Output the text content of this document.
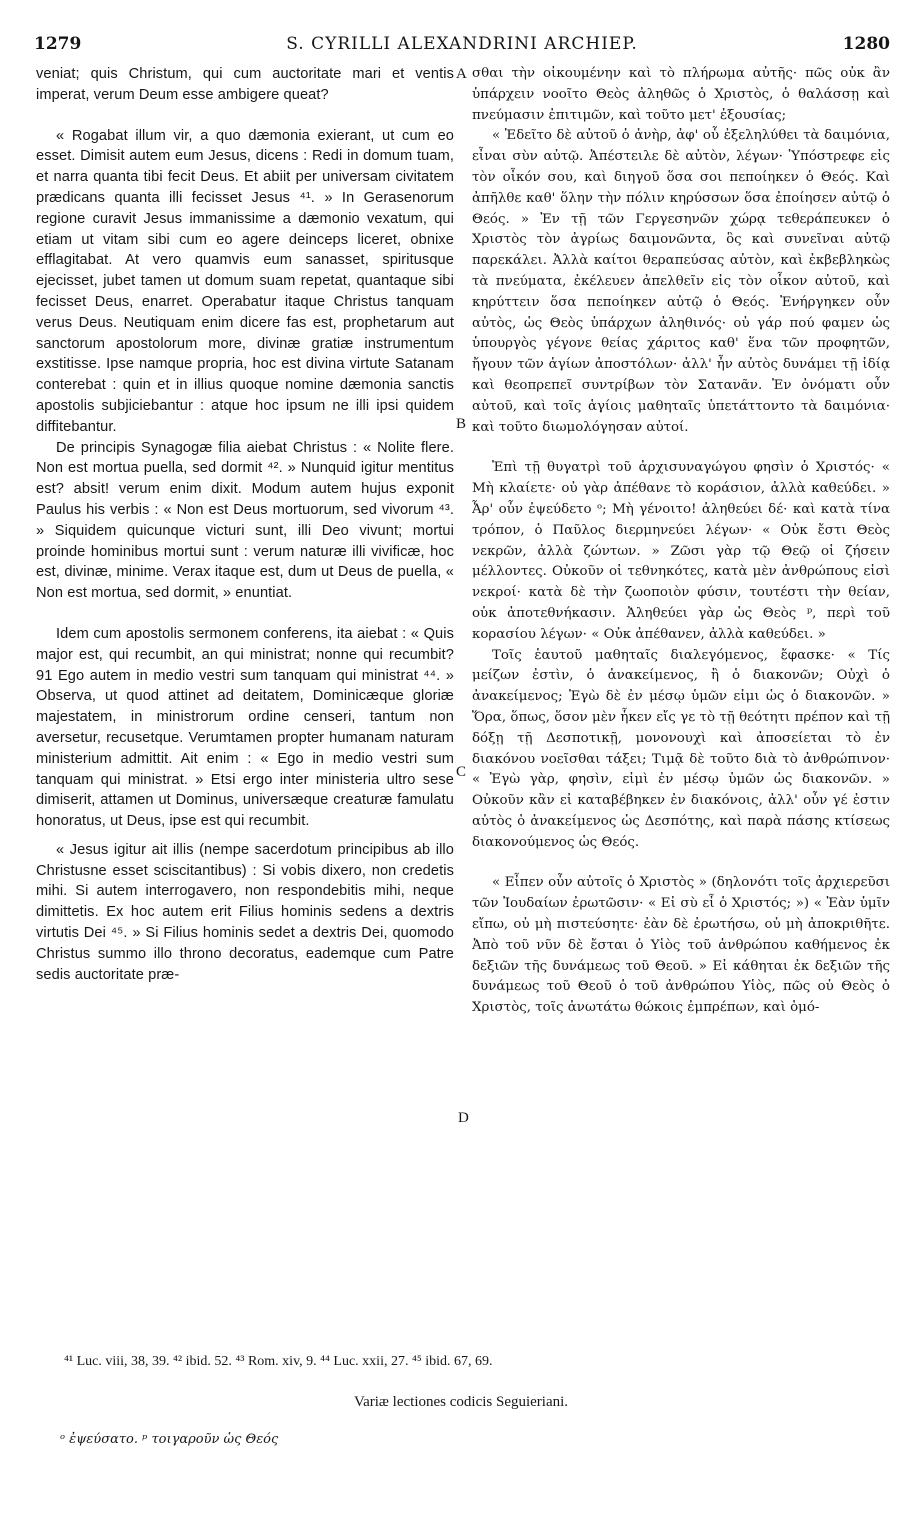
1279	S. CYRILLI ALEXANDRINI ARCHIEP.	1280

veniat; quis Christum, qui cum auctoritate mari et ventis imperat, verum Deum esse ambigere queat?

« Rogabat illum vir, a quo dæmonia exierant, ut cum eo esset. Dimisit autem eum Jesus, dicens : Redi in domum tuam, et narra quanta tibi fecit Deus. Et abiit per universam civitatem prædicans quanta illi fecisset Jesus ⁴¹. » In Gerasenorum regione curavit Jesus immanissime a dæmonio vexatum, qui etiam ut vitam sibi cum eo agere deinceps liceret, obnixe efflagitabat. At vero quamvis eum sanasset, spiritusque ejecisset, jubet tamen ut domum suam repetat, quantaque sibi fecisset Deus, enarret. Operabatur itaque Christus tanquam verus Deus. Neutiquam enim dicere fas est, prophetarum aut sanctorum apostolorum more, divinæ gratiæ instrumentum exstitisse. Ipse namque propria, hoc est divina virtute Satanam conterebat : quin et in illius quoque nomine dæmonia sanctis apostolis subjiciebantur : atque hoc ipsum ne illi ipsi quidem diffitebantur.

De principis Synagogæ filia aiebat Christus : « Nolite flere. Non est mortua puella, sed dormit ⁴². » Nunquid igitur mentitus est? absit! verum enim dixit. Modum autem hujus exponit Paulus his verbis : « Non est Deus mortuorum, sed vivorum ⁴³. » Siquidem quicunque victuri sunt, illi Deo vivunt; mortui proinde hominibus mortui sunt : verum naturæ illi vivificæ, hoc est, divinæ, minime. Verax itaque est, dum ut Deus de puella, « Non est mortua, sed dormit, » enuntiat.

Idem cum apostolis sermonem conferens, ita aiebat : « Quis major est, qui recumbit, an qui ministrat; nonne qui recumbit? 91 Ego autem in medio vestri sum tanquam qui ministrat ⁴⁴. » Observa, ut quod attinet ad deitatem, Dominicæque gloriæ majestatem, in ministrorum ordine censeri, tantum non aversetur, recusetque. Verumtamen propter humanam naturam ministerium admittit. Ait enim : « Ego in medio vestri sum tanquam qui ministrat. » Etsi ergo inter ministeria ultro sese dimiserit, attamen ut Dominus, universæque creaturæ famulatu honoratus, ut Deus, ipse est qui recumbit.

« Jesus igitur ait illis (nempe sacerdotum principibus ab illo Christusne esset sciscitantibus) : Si vobis dixero, non credetis mihi. Si autem interrogavero, non respondebitis mihi, neque dimittetis. Ex hoc autem erit Filius hominis sedens a dextris virtutis Dei ⁴⁵. » Si Filius hominis sedet a dextris Dei, quomodo Christus summo illo throno decoratus, eademque cum Patre sedis auctoritate præ-

A
B
C
D

σθαι τὴν οἰκουμένην καὶ τὸ πλήρωμα αὐτῆς· πῶς οὐκ ἂν ὑπάρχειν νοοῖτο Θεὸς ἀληθῶς ὁ Χριστὸς, ὁ θαλάσσῃ καὶ πνεύμασιν ἐπιτιμῶν, καὶ τοῦτο μετ' ἐξουσίας;

« Ἐδεῖτο δὲ αὐτοῦ ὁ ἀνὴρ, ἀφ' οὗ ἐξεληλύθει τὰ δαιμόνια, εἶναι σὺν αὐτῷ. Ἀπέστειλε δὲ αὐτὸν, λέγων· Ὑπόστρεφε εἰς τὸν οἶκόν σου, καὶ διηγοῦ ὅσα σοι πεποίηκεν ὁ Θεός. Καὶ ἀπῆλθε καθ' ὅλην τὴν πόλιν κηρύσσων ὅσα ἐποίησεν αὐτῷ ὁ Θεός. » Ἐν τῇ τῶν Γεργεσηνῶν χώρᾳ τεθεράπευκεν ὁ Χριστὸς τὸν ἀγρίως δαιμονῶντα, ὃς καὶ συνεῖναι αὐτῷ παρεκάλει. Ἀλλὰ καίτοι θεραπεύσας αὐτὸν, καὶ ἐκβεβληκὼς τὰ πνεύματα, ἐκέλευεν ἀπελθεῖν εἰς τὸν οἶκον αὐτοῦ, καὶ κηρύττειν ὅσα πεποίηκεν αὐτῷ ὁ Θεός. Ἐνήργηκεν οὖν αὐτὸς, ὡς Θεὸς ὑπάρχων ἀληθινός· οὐ γάρ πού φαμεν ὡς ὑπουργὸς γέγονε θείας χάριτος καθ' ἕνα τῶν προφητῶν, ἤγουν τῶν ἁγίων ἀποστόλων· ἀλλ' ἦν αὐτὸς δυνάμει τῇ ἰδίᾳ καὶ θεοπρεπεῖ συντρίβων τὸν Σατανᾶν. Ἐν ὀνόματι οὖν αὐτοῦ, καὶ τοῖς ἁγίοις μαθηταῖς ὑπετάττοντο τὰ δαιμόνια· καὶ τοῦτο διωμολόγησαν αὐτοί.

Ἐπὶ τῇ θυγατρὶ τοῦ ἀρχισυναγώγου φησὶν ὁ Χριστός· « Μὴ κλαίετε· οὐ γὰρ ἀπέθανε τὸ κοράσιον, ἀλλὰ καθεύδει. » Ἆρ' οὖν ἐψεύδετο ᵒ; Μὴ γένοιτο! ἀληθεύει δέ· καὶ κατὰ τίνα τρόπον, ὁ Παῦλος διερμηνεύει λέγων· « Οὐκ ἔστι Θεὸς νεκρῶν, ἀλλὰ ζώντων. » Ζῶσι γὰρ τῷ Θεῷ οἱ ζήσειν μέλλοντες. Οὐκοῦν οἱ τεθνηκότες, κατὰ μὲν ἀνθρώπους εἰσὶ νεκροί· κατὰ δὲ τὴν ζωοποιὸν φύσιν, τουτέστι τὴν θείαν, οὐκ ἀποτεθνήκασιν. Ἀληθεύει γὰρ ὡς Θεὸς ᵖ, περὶ τοῦ κορασίου λέγων· « Οὐκ ἀπέθανεν, ἀλλὰ καθεύδει. »

Τοῖς ἑαυτοῦ μαθηταῖς διαλεγόμενος, ἔφασκε· « Τίς μείζων ἐστὶν, ὁ ἀνακείμενος, ἢ ὁ διακονῶν; Οὐχὶ ὁ ἀνακείμενος; Ἐγὼ δὲ ἐν μέσῳ ὑμῶν εἰμι ὡς ὁ διακονῶν. » Ὅρα, ὅπως, ὅσον μὲν ἧκεν εἴς γε τὸ τῇ θεότητι πρέπον καὶ τῇ δόξῃ τῇ Δεσποτικῇ, μονονουχὶ καὶ ἀποσείεται τὸ ἐν διακόνου νοεῖσθαι τάξει; Τιμᾷ δὲ τοῦτο διὰ τὸ ἀνθρώπινον· « Ἐγὼ γὰρ, φησὶν, εἰμὶ ἐν μέσῳ ὑμῶν ὡς διακονῶν. » Οὐκοῦν κἂν εἰ καταβέβηκεν ἐν διακόνοις, ἀλλ' οὖν γέ ἐστιν αὐτὸς ὁ ἀνακείμενος ὡς Δεσπότης, καὶ παρὰ πάσης κτίσεως διακονούμενος ὡς Θεός.

« Εἶπεν οὖν αὐτοῖς ὁ Χριστὸς » (δηλονότι τοῖς ἀρχιερεῦσι τῶν Ἰουδαίων ἐρωτῶσιν· « Εἰ σὺ εἶ ὁ Χριστός; ») « Ἐὰν ὑμῖν εἴπω, οὐ μὴ πιστεύσητε· ἐὰν δὲ ἐρωτήσω, οὐ μὴ ἀποκριθῆτε. Ἀπὸ τοῦ νῦν δὲ ἔσται ὁ Υἱὸς τοῦ ἀνθρώπου καθήμενος ἐκ δεξιῶν τῆς δυνάμεως τοῦ Θεοῦ. » Εἰ κάθηται ἐκ δεξιῶν τῆς δυνάμεως τοῦ Θεοῦ ὁ τοῦ ἀνθρώπου Υἱὸς, πῶς οὐ Θεὸς ὁ Χριστὸς, τοῖς ἀνωτάτω θώκοις ἐμπρέπων, καὶ ὁμό-

⁴¹ Luc. viii, 38, 39. ⁴² ibid. 52. ⁴³ Rom. xiv, 9. ⁴⁴ Luc. xxii, 27. ⁴⁵ ibid. 67, 69.
Variæ lectiones codicis Seguieriani.
ᵒ ἐψεύσατο. ᵖ τοιγαροῦν ὡς Θεός
